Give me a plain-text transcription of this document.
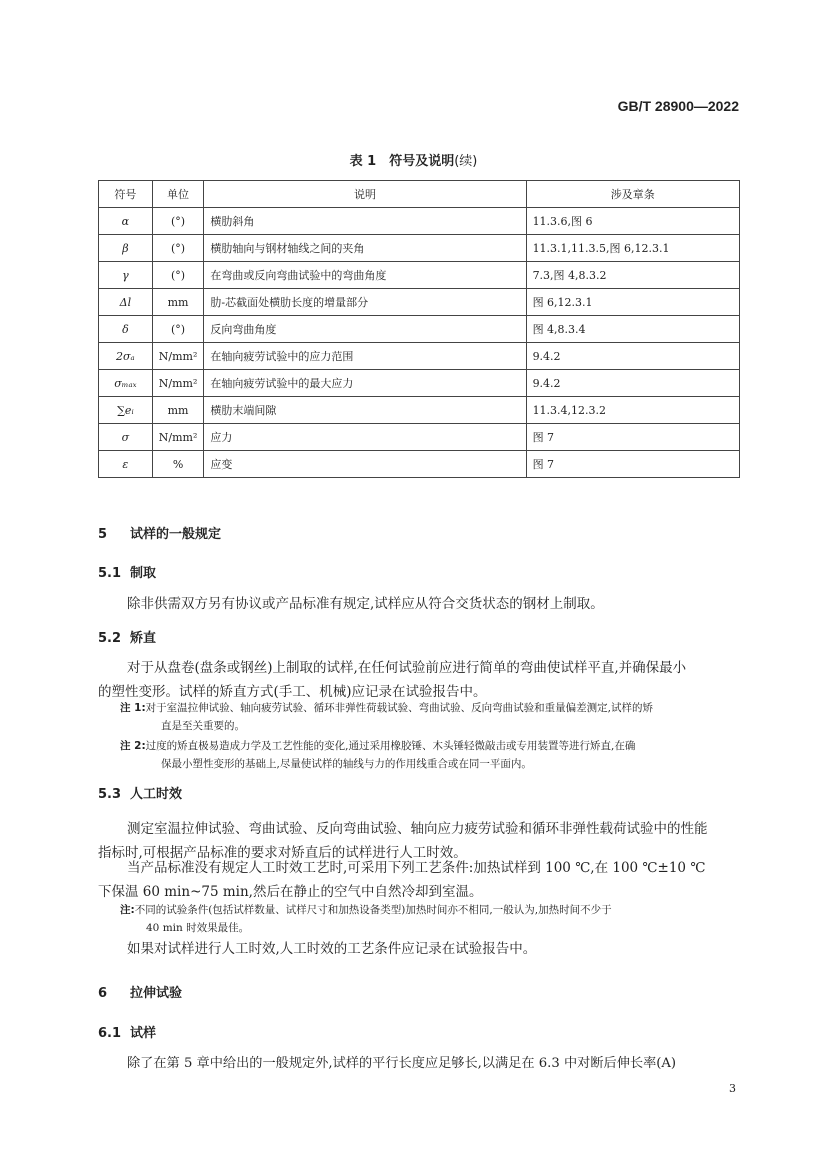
GB/T 28900—2022
表 1　符号及说明(续)
符号	单位	说明	涉及章条
α	(°)	横肋斜角	11.3.6,图 6
β	(°)	横肋轴向与钢材轴线之间的夹角	11.3.1,11.3.5,图 6,12.3.1
γ	(°)	在弯曲或反向弯曲试验中的弯曲角度	7.3,图 4,8.3.2
Δl	mm	肋-芯截面处横肋长度的增量部分	图 6,12.3.1
δ	(°)	反向弯曲角度	图 4,8.3.4
2σₐ	N/mm²	在轴向疲劳试验中的应力范围	9.4.2
σₘₐₓ	N/mm²	在轴向疲劳试验中的最大应力	9.4.2
∑eᵢ	mm	横肋末端间隙	11.3.4,12.3.2
σ	N/mm²	应力	图 7
ε	%	应变	图 7
5 试样的一般规定
5.1 制取
除非供需双方另有协议或产品标准有规定,试样应从符合交货状态的钢材上制取。
5.2 矫直
对于从盘卷(盘条或钢丝)上制取的试样,在任何试验前应进行简单的弯曲使试样平直,并确保最小
的塑性变形。试样的矫直方式(手工、机械)应记录在试验报告中。
注 1:对于室温拉伸试验、轴向疲劳试验、循环非弹性荷载试验、弯曲试验、反向弯曲试验和重量偏差测定,试样的矫
直是至关重要的。
注 2:过度的矫直极易造成力学及工艺性能的变化,通过采用橡胶锤、木头锤轻微敲击或专用装置等进行矫直,在确
保最小塑性变形的基础上,尽量使试样的轴线与力的作用线重合或在同一平面内。
5.3 人工时效
测定室温拉伸试验、弯曲试验、反向弯曲试验、轴向应力疲劳试验和循环非弹性载荷试验中的性能
指标时,可根据产品标准的要求对矫直后的试样进行人工时效。
当产品标准没有规定人工时效工艺时,可采用下列工艺条件:加热试样到 100 ℃,在 100 ℃±10 ℃
下保温 60 min~75 min,然后在静止的空气中自然冷却到室温。
注:不同的试验条件(包括试样数量、试样尺寸和加热设备类型)加热时间亦不相同,一般认为,加热时间不少于
40 min 时效果最佳。
如果对试样进行人工时效,人工时效的工艺条件应记录在试验报告中。
6 拉伸试验
6.1 试样
除了在第 5 章中给出的一般规定外,试样的平行长度应足够长,以满足在 6.3 中对断后伸长率(A)
3
